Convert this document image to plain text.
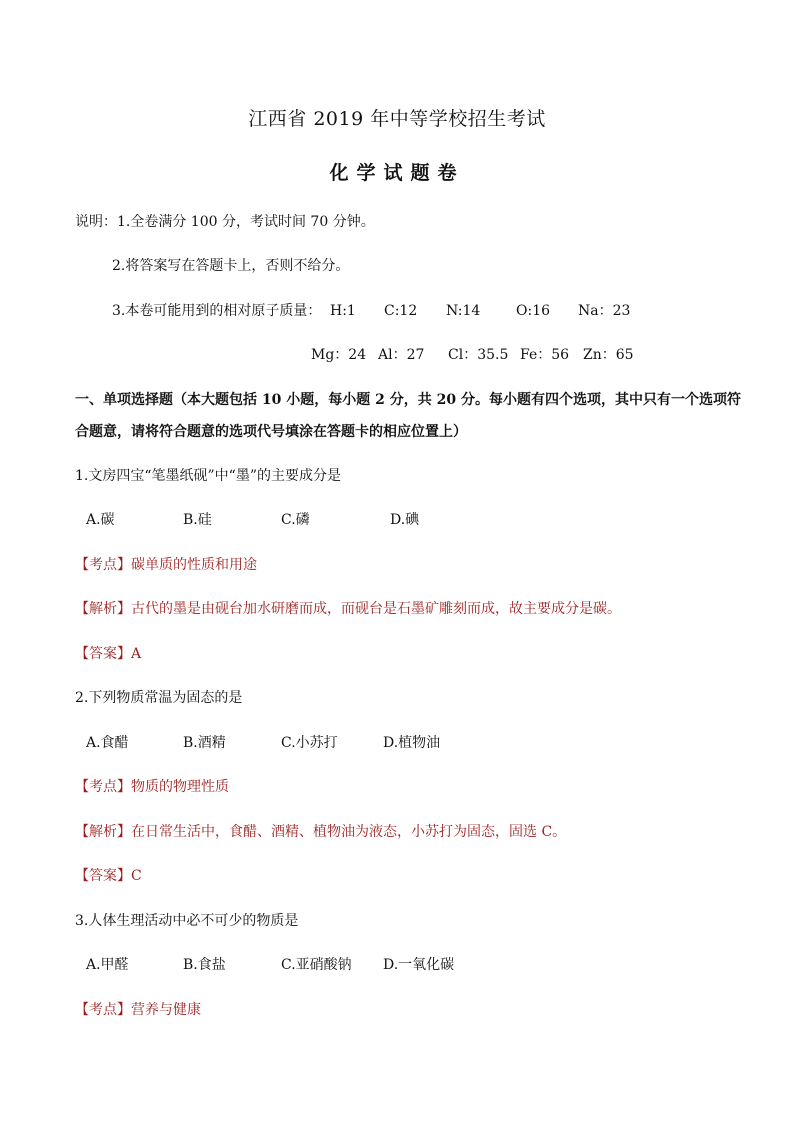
江西省 2019 年中等学校招生考试
化学试题卷
说明：1.全卷满分 100 分，考试时间 70 分钟。
2.将答案写在答题卡上，否则不给分。
3.本卷可能用到的相对原子质量： H:1 C:12 N:14	O:16 Na：23
Mg：24 Al：27 Cl：35.5 Fe：56 Zn：65
一、单项选择题（本大题包括 10 小题，每小题 2 分，共 20 分。每小题有四个选项，其中只有一个选项符
合题意，请将符合题意的选项代号填涂在答题卡的相应位置上）
1.文房四宝“笔墨纸砚”中“墨”的主要成分是
A.碳	B.硅	C.磷	D.碘
【考点】碳单质的性质和用途
【解析】古代的墨是由砚台加水研磨而成，而砚台是石墨矿雕刻而成，故主要成分是碳。
【答案】A
2.下列物质常温为固态的是
A.食醋	B.酒精	C.小苏打	D.植物油
【考点】物质的物理性质
【解析】在日常生活中，食醋、酒精、植物油为液态，小苏打为固态，固选 C。
【答案】C
3.人体生理活动中必不可少的物质是
A.甲醛	B.食盐	C.亚硝酸钠 D.一氧化碳
【考点】营养与健康
